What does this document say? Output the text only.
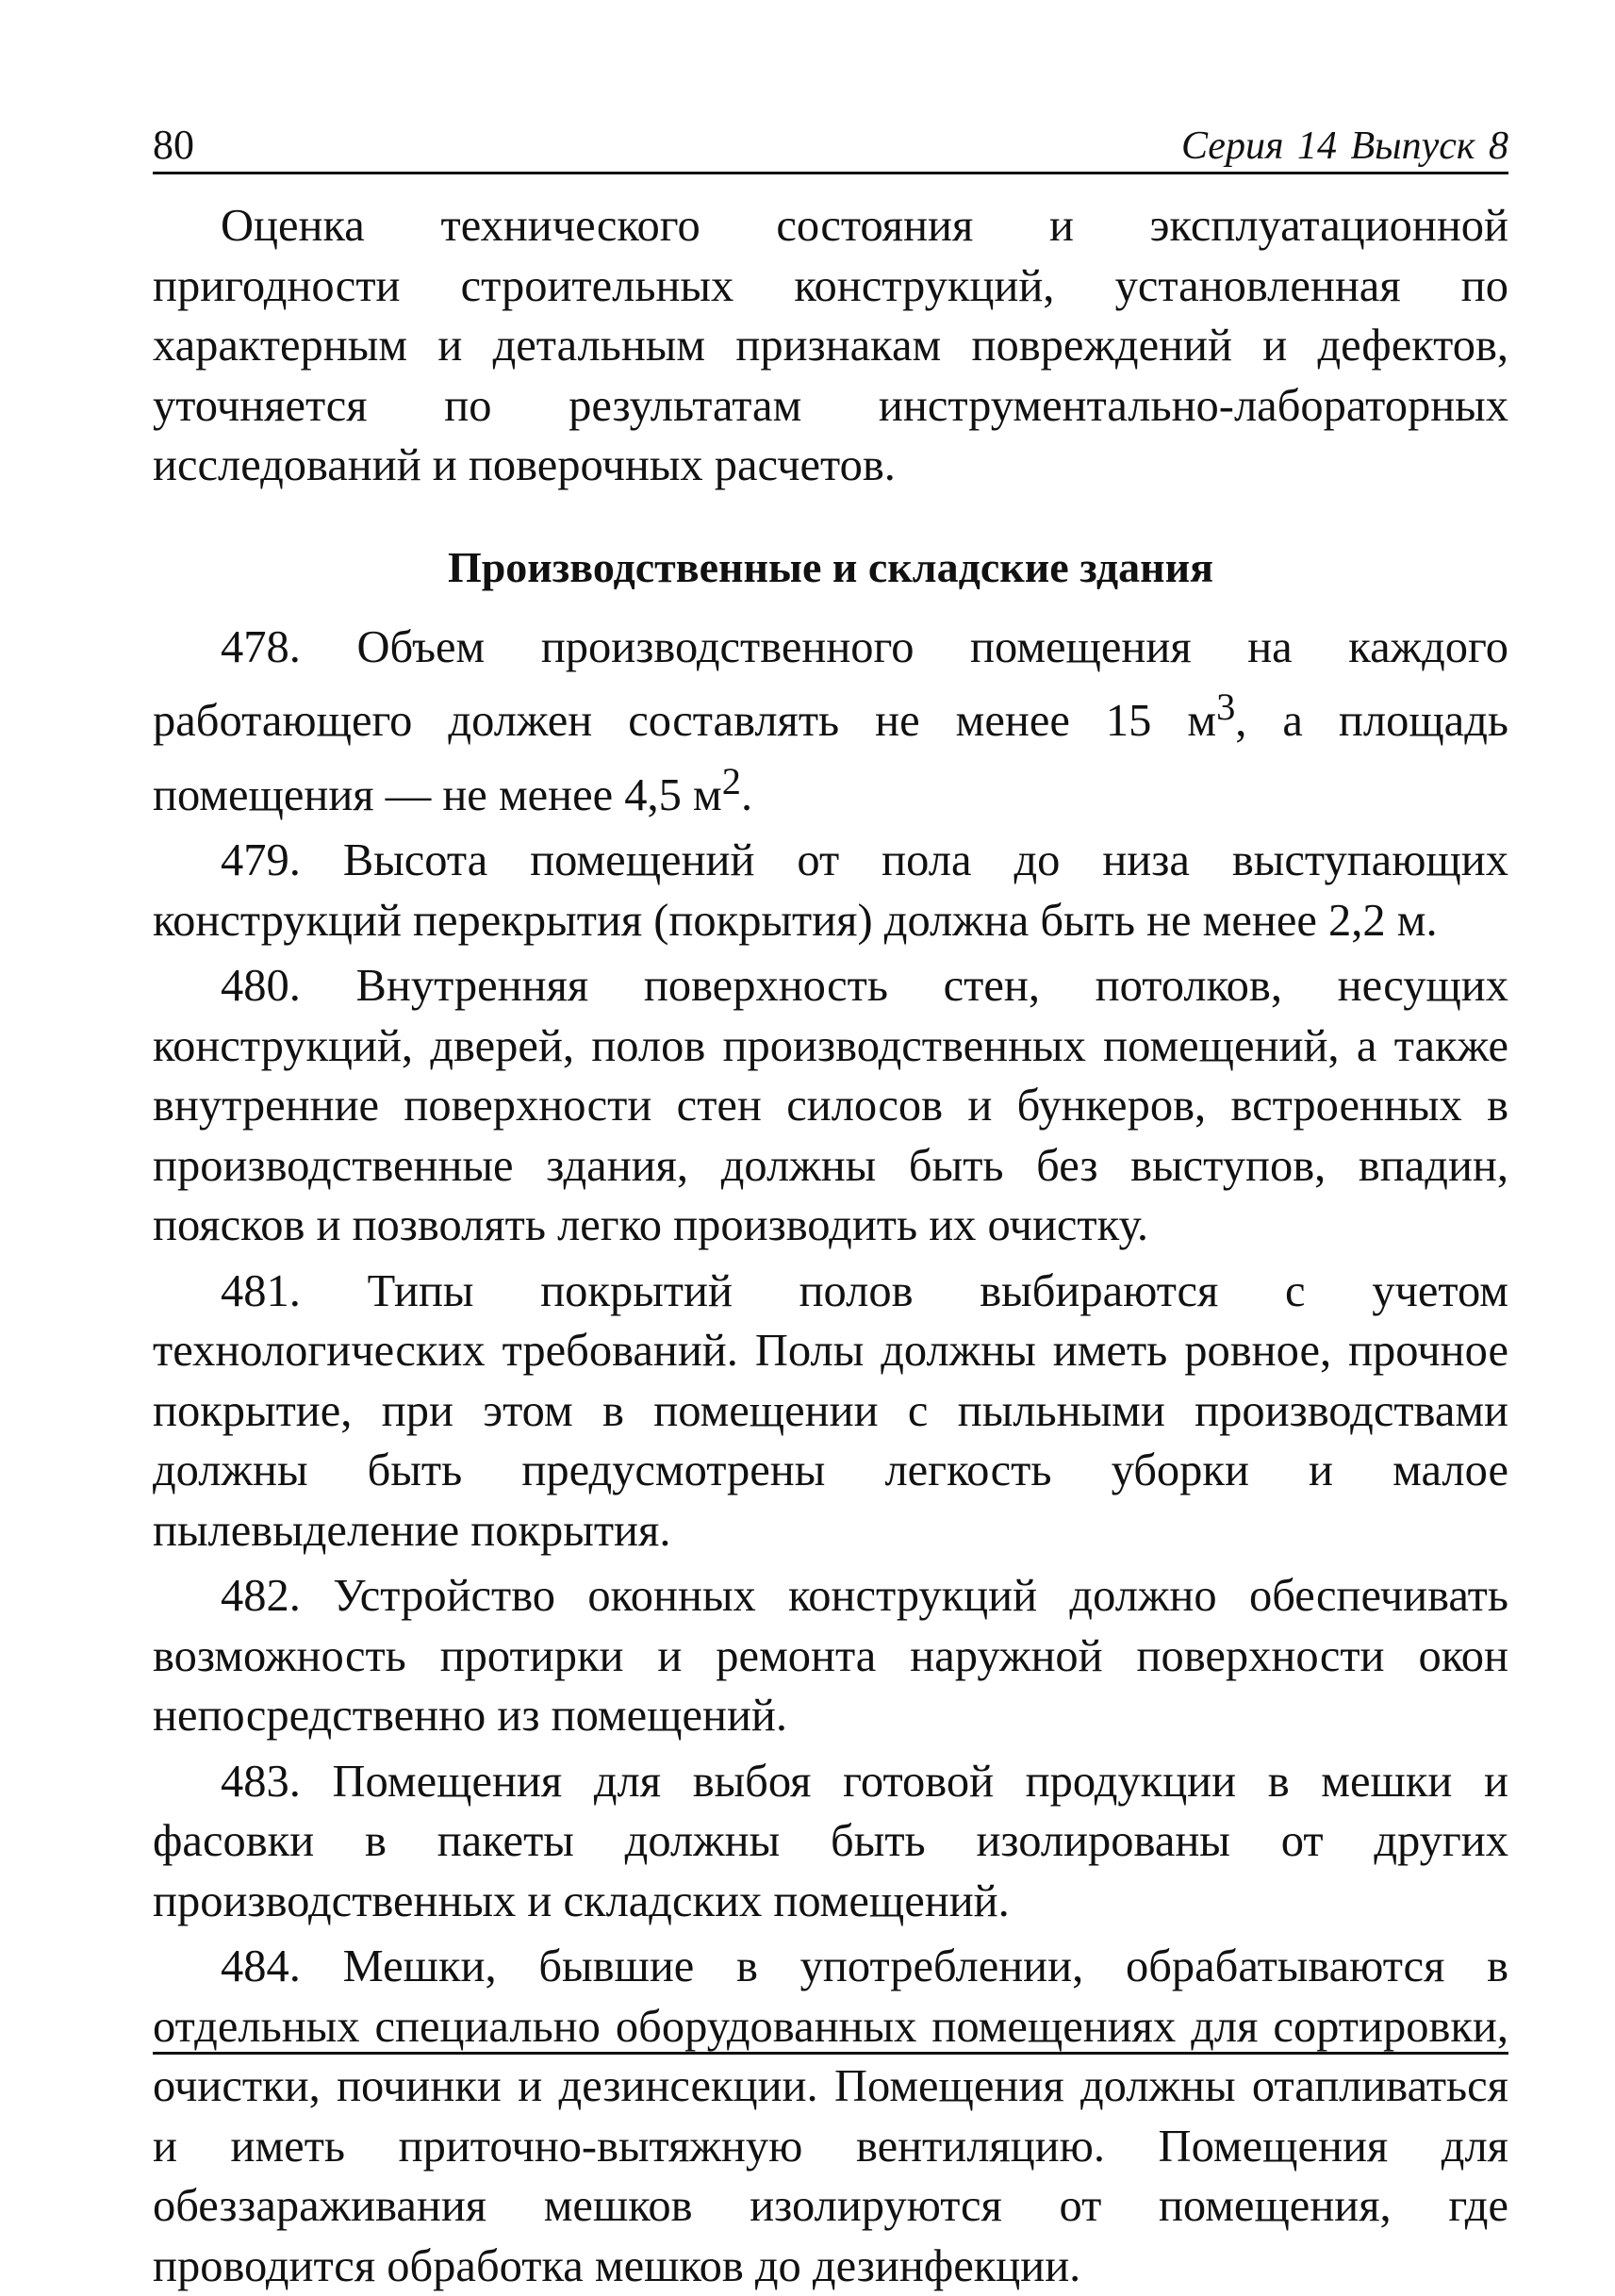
80	Серия 14 Выпуск 8

Оценка технического состояния и эксплуатационной пригодности строительных конструкций, установленная по характерным и детальным признакам повреждений и дефектов, уточняется по результатам инструментально-лабораторных исследований и поверочных расчетов.

Производственные и складские здания

478. Объем производственного помещения на каждого работающего должен составлять не менее 15 $м^3$, а площадь помещения — не менее 4,5 $м^2$.

479. Высота помещений от пола до низа выступающих конструкций перекрытия (покрытия) должна быть не менее 2,2 м.

480. Внутренняя поверхность стен, потолков, несущих конструкций, дверей, полов производственных помещений, а также внутренние поверхности стен силосов и бункеров, встроенных в производственные здания, должны быть без выступов, впадин, поясков и позволять легко производить их очистку.

481. Типы покрытий полов выбираются с учетом технологических требований. Полы должны иметь ровное, прочное покрытие, при этом в помещении с пыльными производствами должны быть предусмотрены легкость уборки и малое пылевыделение покрытия.

482. Устройство оконных конструкций должно обеспечивать возможность протирки и ремонта наружной поверхности окон непосредственно из помещений.

483. Помещения для выбоя готовой продукции в мешки и фасовки в пакеты должны быть изолированы от других производственных и складских помещений.

484. Мешки, бывшие в употреблении, обрабатываются в отдельных специально оборудованных помещениях для сортировки, очистки, починки и дезинсекции. Помещения должны отапливаться и иметь приточно-вытяжную вентиляцию. Помещения для обеззараживания мешков изолируются от помещения, где проводится обработка мешков до дезинфекции.
